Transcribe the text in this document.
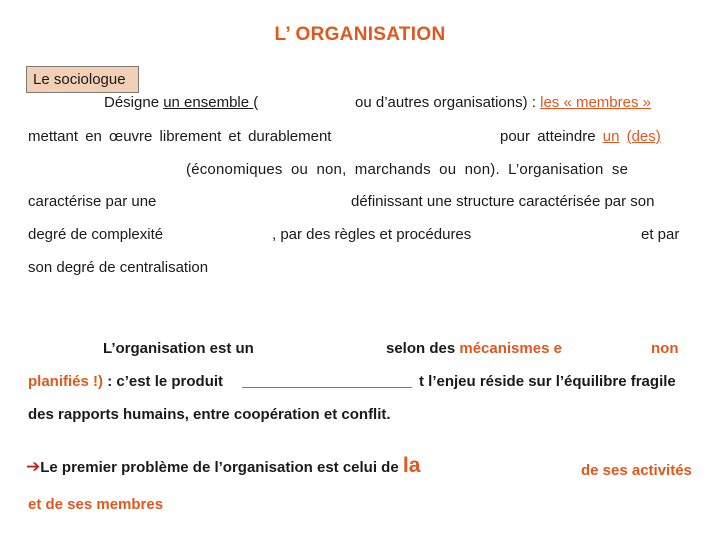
L’ ORGANISATION
Le sociologue
Désigne un ensemble (	ou d’autres organisations) : les « membres »
mettant en œuvre librement et durablement	pour atteindre un (des)
(économiques ou non, marchands ou non). L’organisation se
caractérise par une	définissant une structure caractérisée par son
degré de complexité	, par des règles et procédures	et par
son degré de centralisation
L’organisation est un	selon des mécanismes e	non
planifiés !) : c’est le produit	t l’enjeu réside sur l’équilibre fragile
des rapports humains, entre coopération et conflit.
➔Le premier problème de l’organisation est celui de la	de ses activités
et de ses membres
